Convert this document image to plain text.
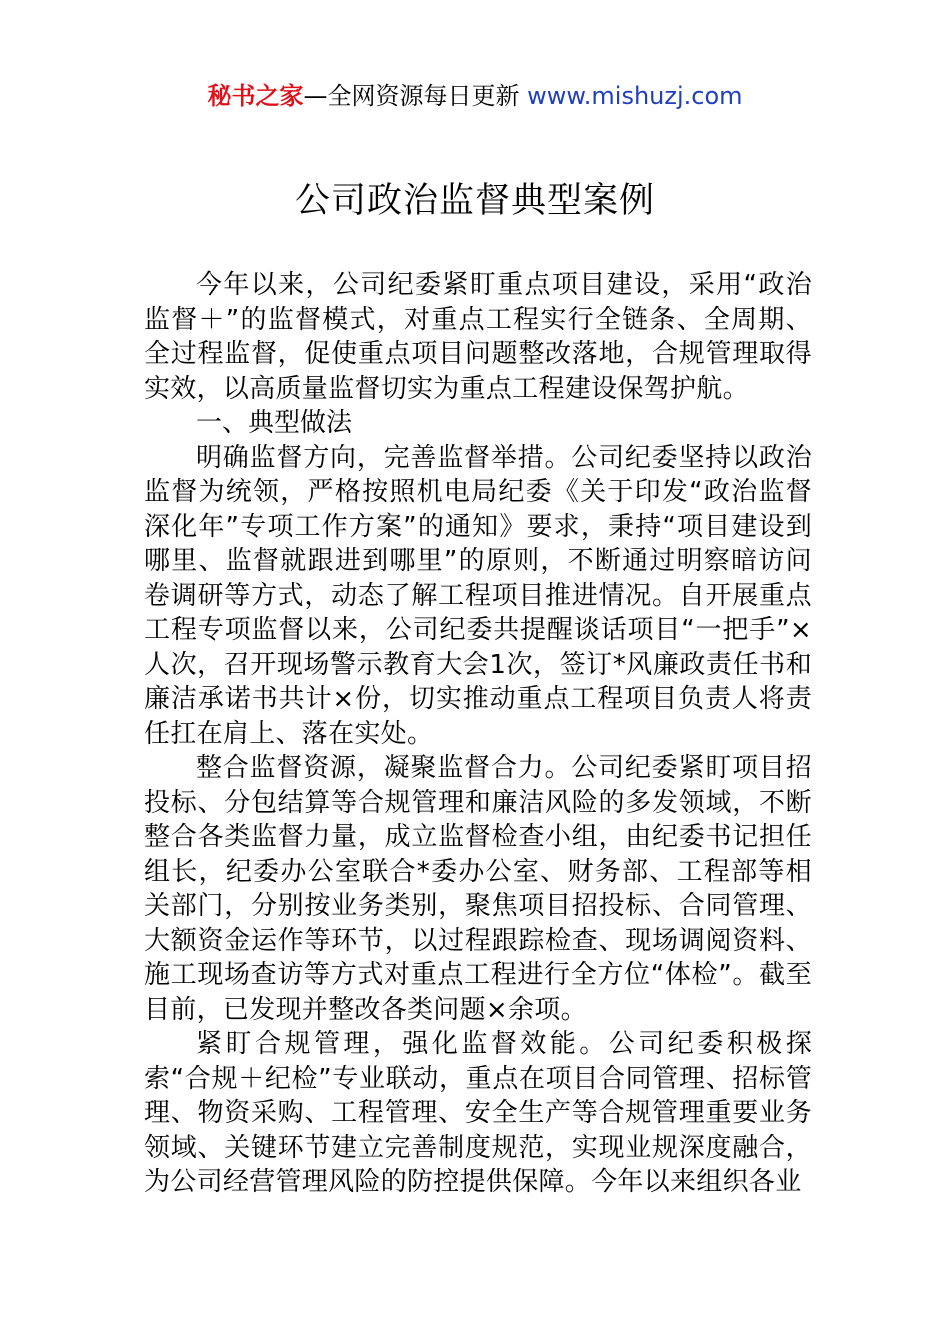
秘书之家—全网资源每日更新 www.mishuzj.com
公司政治监督典型案例

今年以来，公司纪委紧盯重点项目建设，采用“政治监督＋”的监督模式，对重点工程实行全链条、全周期、全过程监督，促使重点项目问题整改落地，合规管理取得实效，以高质量监督切实为重点工程建设保驾护航。

一、典型做法

明确监督方向，完善监督举措。公司纪委坚持以政治监督为统领，严格按照机电局纪委《关于印发“政治监督深化年”专项工作方案”的通知》要求，秉持“项目建设到哪里、监督就跟进到哪里”的原则，不断通过明察暗访问卷调研等方式，动态了解工程项目推进情况。自开展重点工程专项监督以来，公司纪委共提醒谈话项目“一把手”×人次，召开现场警示教育大会1次，签订*风廉政责任书和廉洁承诺书共计×份，切实推动重点工程项目负责人将责任扛在肩上、落在实处。

整合监督资源，凝聚监督合力。公司纪委紧盯项目招投标、分包结算等合规管理和廉洁风险的多发领域，不断整合各类监督力量，成立监督检查小组，由纪委书记担任组长，纪委办公室联合*委办公室、财务部、工程部等相关部门，分别按业务类别，聚焦项目招投标、合同管理、大额资金运作等环节，以过程跟踪检查、现场调阅资料、施工现场查访等方式对重点工程进行全方位“体检”。截至目前，已发现并整改各类问题×余项。

紧盯合规管理，强化监督效能。公司纪委积极探索“合规＋纪检”专业联动，重点在项目合同管理、招标管理、物资采购、工程管理、安全生产等合规管理重要业务领域、关键环节建立完善制度规范，实现业规深度融合，为公司经营管理风险的防控提供保障。今年以来组织各业
